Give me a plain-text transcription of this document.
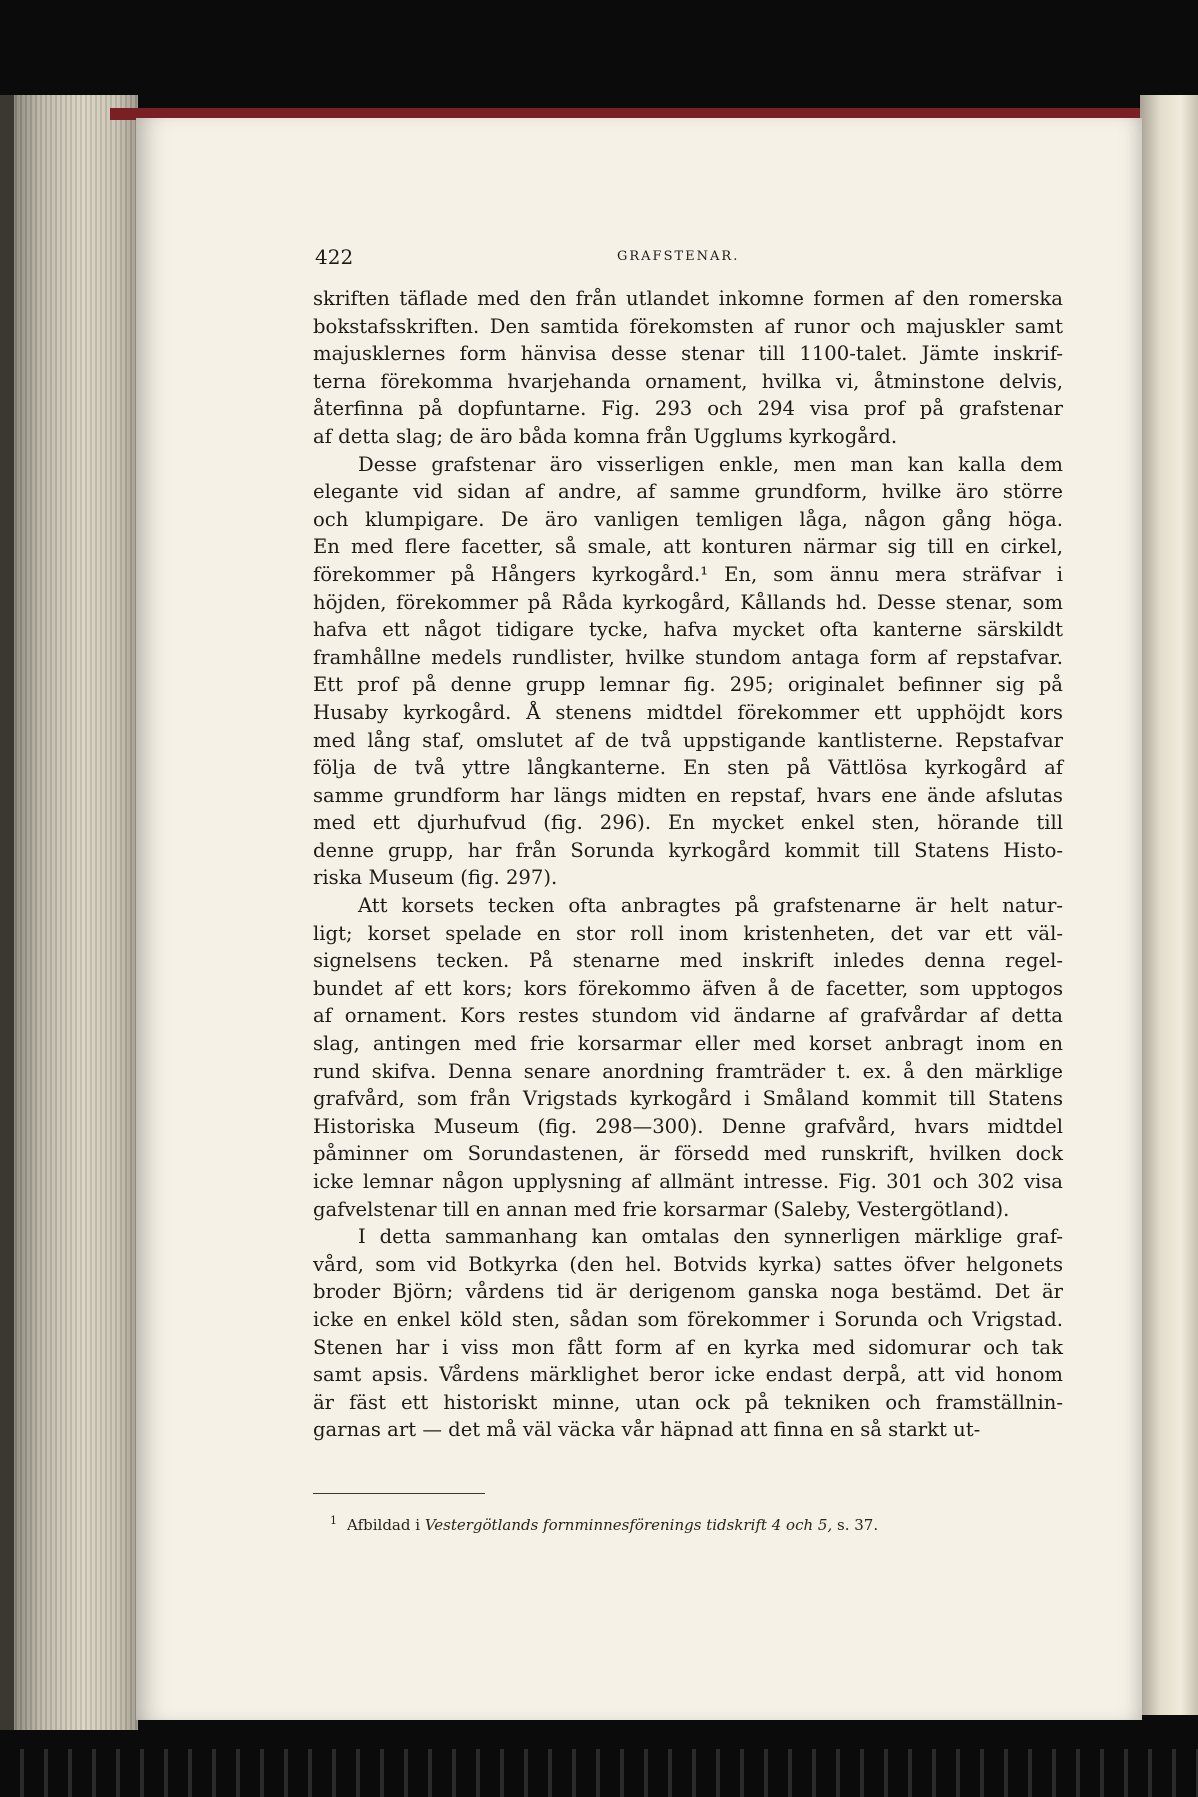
422	GRAFSTENAR.

skriften täflade med den från utlandet inkomne formen af den romerska
bokstafsskriften. Den samtida förekomsten af runor och majuskler samt
majusklernes form hänvisa desse stenar till 1100-talet. Jämte inskrif-
terna förekomma hvarjehanda ornament, hvilka vi, åtminstone delvis,
återfinna på dopfuntarne. Fig. 293 och 294 visa prof på grafstenar
af detta slag; de äro båda komna från Ugglums kyrkogård.

Desse grafstenar äro visserligen enkle, men man kan kalla dem
elegante vid sidan af andre, af samme grundform, hvilke äro större
och klumpigare. De äro vanligen temligen låga, någon gång höga.
En med flere facetter, så smale, att konturen närmar sig till en cirkel,
förekommer på Hångers kyrkogård.¹ En, som ännu mera sträfvar i
höjden, förekommer på Råda kyrkogård, Kållands hd. Desse stenar, som
hafva ett något tidigare tycke, hafva mycket ofta kanterne särskildt
framhållne medels rundlister, hvilke stundom antaga form af repstafvar.
Ett prof på denne grupp lemnar fig. 295; originalet befinner sig på
Husaby kyrkogård. Å stenens midtdel förekommer ett upphöjdt kors
med lång staf, omslutet af de två uppstigande kantlisterne. Repstafvar
följa de två yttre långkanterne. En sten på Vättlösa kyrkogård af
samme grundform har längs midten en repstaf, hvars ene ände afslutas
med ett djurhufvud (fig. 296). En mycket enkel sten, hörande till
denne grupp, har från Sorunda kyrkogård kommit till Statens Histo-
riska Museum (fig. 297).

Att korsets tecken ofta anbragtes på grafstenarne är helt natur-
ligt; korset spelade en stor roll inom kristenheten, det var ett väl-
signelsens tecken. På stenarne med inskrift inledes denna regel-
bundet af ett kors; kors förekommo äfven å de facetter, som upptogos
af ornament. Kors restes stundom vid ändarne af grafvårdar af detta
slag, antingen med frie korsarmar eller med korset anbragt inom en
rund skifva. Denna senare anordning framträder t. ex. å den märklige
grafvård, som från Vrigstads kyrkogård i Småland kommit till Statens
Historiska Museum (fig. 298—300). Denne grafvård, hvars midtdel
påminner om Sorundastenen, är försedd med runskrift, hvilken dock
icke lemnar någon upplysning af allmänt intresse. Fig. 301 och 302 visa
gafvelstenar till en annan med frie korsarmar (Saleby, Vestergötland).

I detta sammanhang kan omtalas den synnerligen märklige graf-
vård, som vid Botkyrka (den hel. Botvids kyrka) sattes öfver helgonets
broder Björn; vårdens tid är derigenom ganska noga bestämd. Det är
icke en enkel köld sten, sådan som förekommer i Sorunda och Vrigstad.
Stenen har i viss mon fått form af en kyrka med sidomurar och tak
samt apsis. Vårdens märklighet beror icke endast derpå, att vid honom
är fäst ett historiskt minne, utan ock på tekniken och framställnin-
garnas art — det må väl väcka vår häpnad att finna en så starkt ut-

$^1$ Afbildad i Vestergötlands fornminnesförenings tidskrift 4 och 5, s. 37.
